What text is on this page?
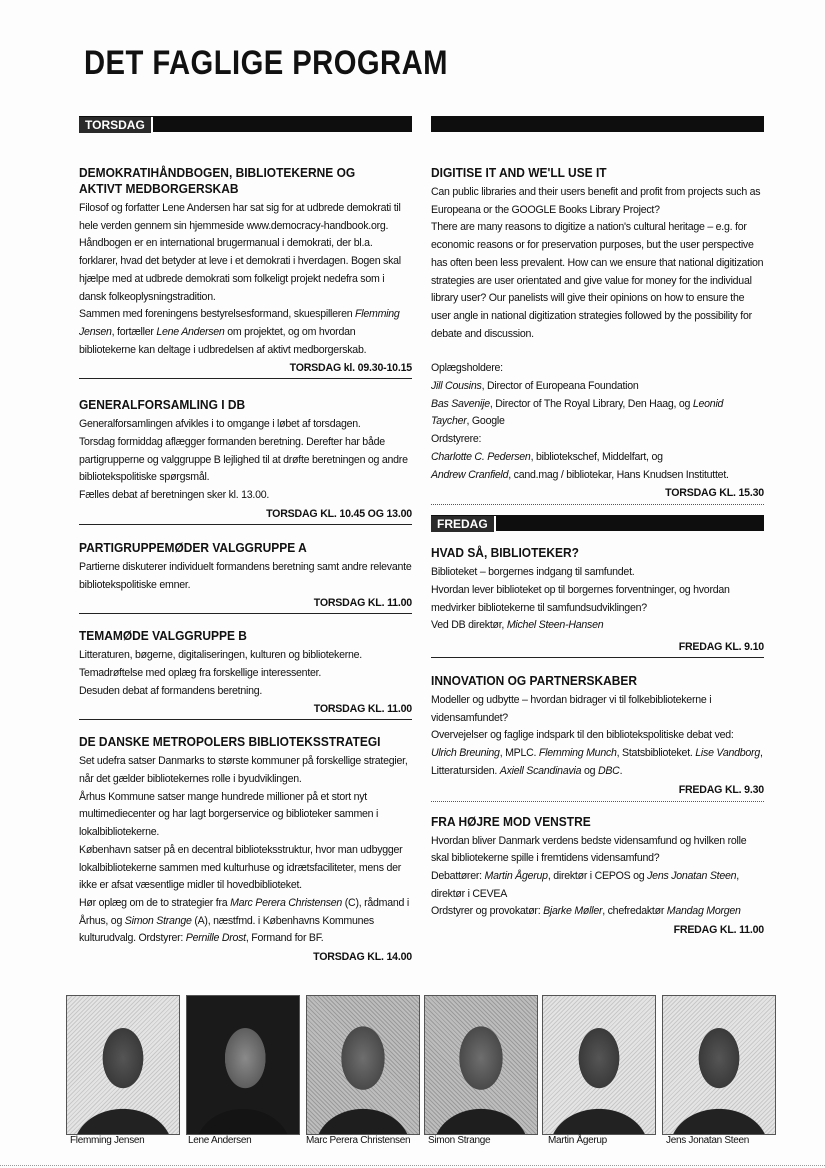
DET FAGLIGE PROGRAM
TORSDAG
DEMOKRATIHÅNDBOGEN, BIBLIOTEKERNE OG AKTIVT MEDBORGERSKAB

Filosof og forfatter Lene Andersen har sat sig for at udbrede demokrati til hele verden gennem sin hjemmeside www.democracy-handbook.org.

Håndbogen er en international brugermanual i demokrati, der bl.a. forklarer, hvad det betyder at leve i et demokrati i hverdagen. Bogen skal hjælpe med at udbrede demokrati som folkeligt projekt nedefra som i dansk folkeoplysningstradition.

Sammen med foreningens bestyrelsesformand, skuespilleren Flemming Jensen, fortæller Lene Andersen om projektet, og om hvordan bibliotekerne kan deltage i udbredelsen af aktivt medborgerskab.

TORSDAG kl. 09.30-10.15
GENERALFORSAMLING I DB

Generalforsamlingen afvikles i to omgange i løbet af torsdagen.

Torsdag formiddag aflægger formanden beretning. Derefter har både partigrupperne og valggruppe B lejlighed til at drøfte beretningen og andre bibliotekspolitiske spørgsmål.

Fælles debat af beretningen sker kl. 13.00.

TORSDAG KL. 10.45 OG 13.00
PARTIGRUPPEMØDER VALGGRUPPE A

Partierne diskuterer individuelt formandens beretning samt andre relevante bibliotekspolitiske emner.

TORSDAG KL. 11.00
TEMAMØDE VALGGRUPPE B

Litteraturen, bøgerne, digitaliseringen, kulturen og bibliotekerne.

Temadrøftelse med oplæg fra forskellige interessenter.

Desuden debat af formandens beretning.

TORSDAG KL. 11.00
DE DANSKE METROPOLERS BIBLIOTEKSSTRATEGI

Set udefra satser Danmarks to største kommuner på forskellige strategier, når det gælder bibliotekernes rolle i byudviklingen.

Århus Kommune satser mange hundrede millioner på et stort nyt multimediecenter og har lagt borgerservice og biblioteker sammen i lokalbibliotekerne.

København satser på en decentral biblioteksstruktur, hvor man udbygger lokalbibliotekerne sammen med kulturhuse og idrætsfaciliteter, mens der ikke er afsat væsentlige midler til hovedbiblioteket.

Hør oplæg om de to strategier fra Marc Perera Christensen (C), rådmand i Århus, og Simon Strange (A), næstfmd. i Københavns Kommunes kulturudvalg. Ordstyrer: Pernille Drost, Formand for BF.

TORSDAG KL. 14.00
DIGITISE IT AND WE'LL USE IT

Can public libraries and their users benefit and profit from projects such as Europeana or the GOOGLE Books Library Project?

There are many reasons to digitize a nation's cultural heritage – e.g. for economic reasons or for preservation purposes, but the user perspective has often been less prevalent. How can we ensure that national digitization strategies are user orientated and give value for money for the individual library user? Our panelists will give their opinions on how to ensure the user angle in national digitization strategies followed by the possibility for debate and discussion.

Oplægsholdere:

Jill Cousins, Director of Europeana Foundation

Bas Savenije, Director of The Royal Library, Den Haag, og Leonid Taycher, Google

Ordstyrere:

Charlotte C. Pedersen, bibliotekschef, Middelfart, og

Andrew Cranfield, cand.mag / bibliotekar, Hans Knudsen Instituttet.

TORSDAG KL. 15.30
FREDAG
HVAD SÅ, BIBLIOTEKER?

Biblioteket – borgernes indgang til samfundet.

Hvordan lever biblioteket op til borgernes forventninger, og hvordan medvirker bibliotekerne til samfundsudviklingen?

Ved DB direktør, Michel Steen-Hansen

FREDAG KL. 9.10
INNOVATION OG PARTNERSKABER

Modeller og udbytte – hvordan bidrager vi til folkebibliotekerne i vidensamfundet?

Overvejelser og faglige indspark til den bibliotekspolitiske debat ved:

Ulrich Breuning, MPLC. Flemming Munch, Statsbiblioteket. Lise Vandborg, Litteratursiden. Axiell Scandinavia og DBC.

FREDAG KL. 9.30
FRA HØJRE MOD VENSTRE

Hvordan bliver Danmark verdens bedste vidensamfund og hvilken rolle skal bibliotekerne spille i fremtidens vidensamfund?

Debattører: Martin Ågerup, direktør i CEPOS og Jens Jonatan Steen, direktør i CEVEA

Ordstyrer og provokatør: Bjarke Møller, chefredaktør Mandag Morgen

FREDAG KL. 11.00
Flemming Jensen	Lene Andersen	Marc Perera Christensen Simon Strange	Martin Ågerup	Jens Jonatan Steen
